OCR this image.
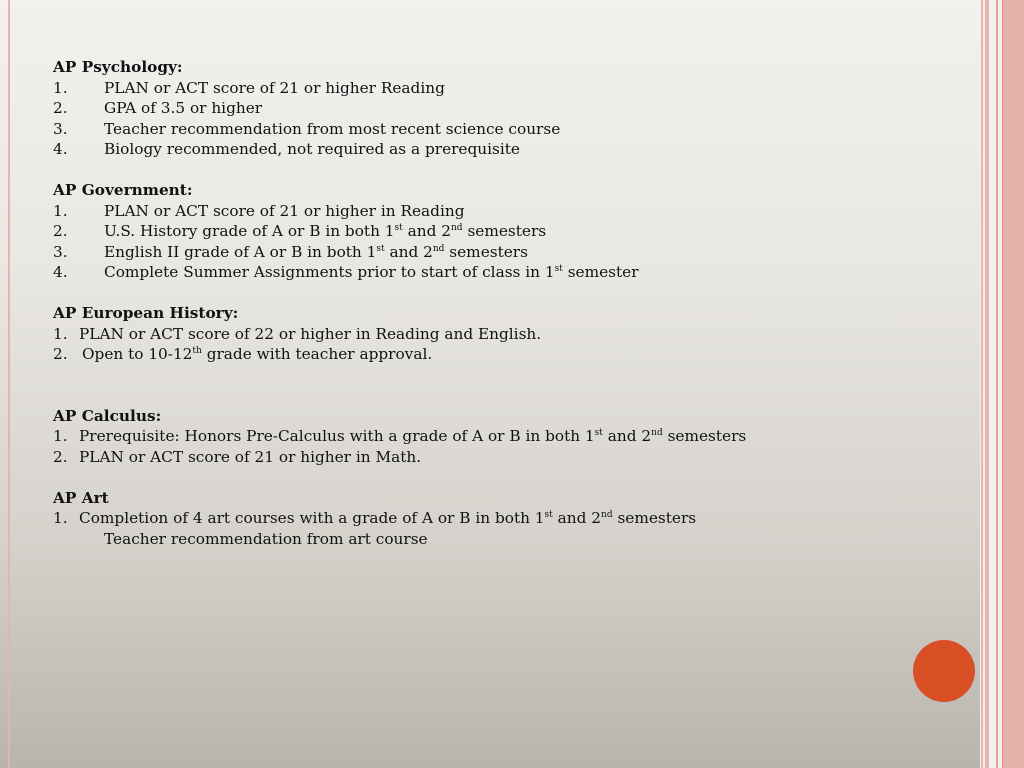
AP Psychology:
1.	PLAN or ACT score of 21 or higher Reading
2.	GPA of 3.5 or higher
3.	Teacher recommendation from most recent science course
4.	Biology recommended, not required as a prerequisite
AP Government:
1.	PLAN or ACT score of 21 or higher in Reading
2.	U.S. History grade of A or B in both 1st and 2nd semesters
3.	English II grade of A or B in both 1st and 2nd semesters
4.	Complete Summer Assignments prior to start of class in 1st semester
AP European History:
1. PLAN or ACT score of 22 or higher in Reading and English.
2. Open to 10-12th grade with teacher approval.
AP Calculus:
1. Prerequisite: Honors Pre-Calculus with a grade of A or B in both 1st and 2nd semesters
2. PLAN or ACT score of 21 or higher in Math.
AP Art
1. Completion of 4 art courses with a grade of A or B in both 1st and 2nd semesters
Teacher recommendation from art course
